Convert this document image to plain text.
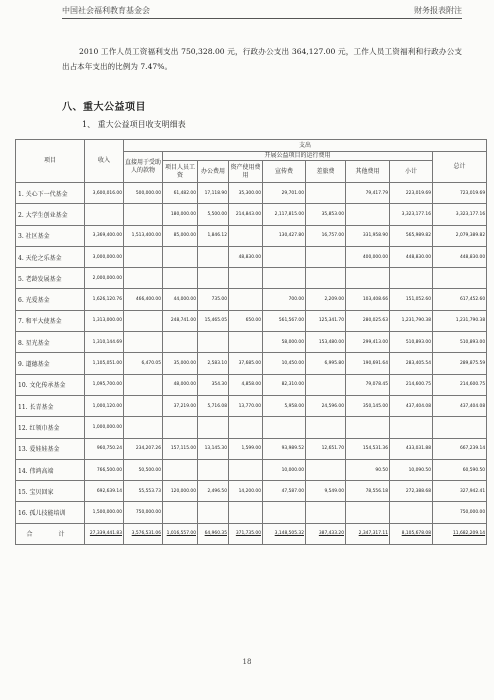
中国社会福利教育基金会	财务报表附注
2010 工作人员工资福利支出 750,328.00 元，行政办公支出 364,127.00 元，工作人员工资福利和行政办公支出占本年支出的比例为 7.47%。
八、重大公益项目
1、 重大公益项目收支明细表
项目	收入	支出								
		直接用于受助人的款物	开展公益项目的运行费用							总计
			项目人员工资	办公费用	资产使用费用	宣传费	差旅费	其他费用	小计	
1. 关心下一代基金	3,600,016.00	500,000.00	61,482.00	17,118.90	35,300.00	29,701.00		79,417.79	223,019.69	723,019.69
2. 大学生创业基金			180,000.00	5,500.00	214,843.00	2,117,815.00	35,853.00		3,323,177.16	3,323,177.16
3. 社区基金	3,369,400.00	1,513,400.00	85,000.00	1,846.12		130,427.80	16,757.00	331,958.90	565,989.82	2,079,389.82
4. 天伦之乐基金	3,000,000.00				48,830.00			400,000.00	448,830.00	448,830.00
5. 老龄发展基金	2,000,000.00									
6. 光爱基金	1,626,120.76	466,400.00	44,000.00	735.00		700.00	2,209.00	103,408.66	151,052.60	617,452.60
7. 和平大使基金	1,313,000.00		248,741.00	15,465.05	650.00	561,567.00	125,341.70	280,025.63	1,231,790.38	1,231,790.38
8. 星光基金	1,310,144.69					58,000.00	153,480.00	299,413.00	510,893.00	510,893.00
9. 道德基金	1,105,051.00	6,470.05	35,000.00	2,583.10	37,685.00	10,450.00	6,995.80	190,691.64	283,405.54	289,875.59
10. 文化传承基金	1,095,700.00		48,000.00	354.30	4,858.00	82,310.00		79,078.45	214,600.75	214,600.75
11. 长青基金	1,000,120.00		37,219.00	5,716.08	13,770.00	5,958.00	24,596.00	350,145.00	437,404.08	437,404.08
12. 红领巾基金	1,000,000.00									
13. 爱娃娃基金	960,750.24	234,207.26	157,115.00	13,145.30	1,599.00	93,989.52	12,651.70	154,531.36	433,031.88	667,239.14
14. 伟鸿高端	766,500.00	50,500.00				10,000.00		90.50	10,090.50	60,590.50
15. 宝贝回家	692,639.14	55,553.73	120,000.00	2,496.50	14,200.00	47,587.00	9,549.00	78,556.18	272,388.68	327,942.41
16. 孤儿技能培训	1,500,000.00	750,000.00								750,000.00
合　计	27,339,441.83	3,576,531.06	1,016,557.00	64,960.35	371,735.00	3,148,505.32	387,433.20	2,347,317.11	8,105,678.08	11,682,209.14
18
